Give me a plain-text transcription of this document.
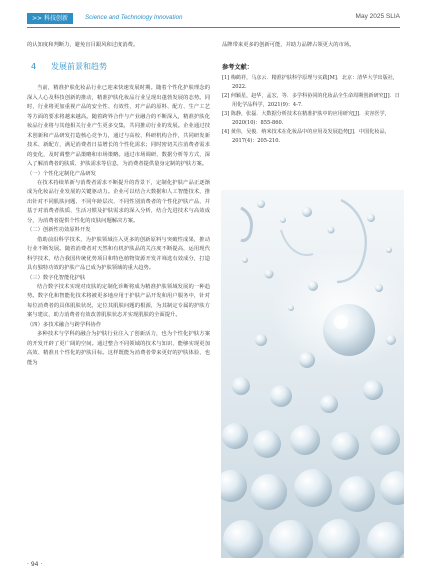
>> 科技创新	Science and Technology Innovation	May 2025 SLIA

的认知度和判断力，避免盲目跟风和过度消费。

4 发展前景和趋势

当前，精准护肤化妆品行业已迎来快速发展时期。随着个性化护肤理念的深入人心及科技创新的推动，精准护肤化妆品行业呈现出蓬勃发展的态势。同时，行业将更加重视产品的安全性、有效性，对产品的原料、配方、生产工艺等方面的要求将越来越高。随着跨界合作与产业融合的不断深入，精准护肤化妆品行业将与其他相关行业产生更多交集，共同推动行业的发展。企业通过技术创新和产品研发打造核心竞争力，通过与高校、科研机构合作，共同研发新技术、新配方，满足消费者日益增长的个性化需求；同时密切关注消费者需求的变化，及时调整产品策略和市场策略。通过市场调研、数据分析等方式，深入了解消费者的肤质、护肤需求等信息，为消费者提供量身定制的护肤方案。

（一）个性化定制化产品研发

在技术持续革新与消费者需求不断提升的背景下，定制化护肤产品正逐渐成为化妆品行业发展的关键驱动力。企业可以结合大数据和人工智能技术，推出针对不同肌肤问题、不同年龄层次、不同性别消费者的个性化护肤产品，并基于对消费者肤质、生活习惯及护肤需求的深入分析，结合先进技术与高效成分，为消费者提供个性化的皮肤问题解决方案。

（二）创新性功效原料开发

借助前沿科学技术，为护肤领域注入更多的创新原料与突破性成果，推动行业不断发展。随着消费者对天然和有机护肤品的关注度不断提高，运用现代科学技术，结合我国传统优势项目和特色植物资源开发并筛选有效成分，打造具有独特功效的护肤产品已成为护肤领域的重大趋势。

（三）数字化智能化护肤

结合数字技术实现对皮肤的定制化诊断将成为精准护肤领域发展的一种趋势。数字化和智能化技术将被更多地应用于护肤产品开发和用户服务中，针对每位消费者的具体肌肤状况，定位其肌肤问题的根源，为其制定专属的护肤方案与建议，助力消费者有效改善肌肤状态并实现肌肤的全面提升。

（四）多技术融合与跨学科协作

多种技术与学科的融合为护肤行业注入了创新活力，也为个性化护肤方案的开发开辟了更广阔的空间。通过整合不同领域的技术与知识，能够实现更加高效、精准且个性化的护肤目标。这样既能为消费者带来更好的护肤体验，也能为

品牌带来更多的创新可能，并助力品牌占领更大的市场。

参考文献：

[1] 梅鹤祥，马彦云．精准护肤科学原理与实践[M]．北京：清华大学出版社，2022.

[2] 何颖星，赵华，孟宏，等．多学科协同的化妆品全生命周期创新研究[J]．日用化学品科学，2021(9)：4-7.

[3] 陈静，张磊．大数据分析技术在精准护肤中的应用研究[J]．美容医学，2020(10)：855-860.

[4] 黄伟，吴俊．纳米技术在化妆品中的应用及发展趋势[J]．中国化妆品，2017(4)：205-210.

· 94 ·
